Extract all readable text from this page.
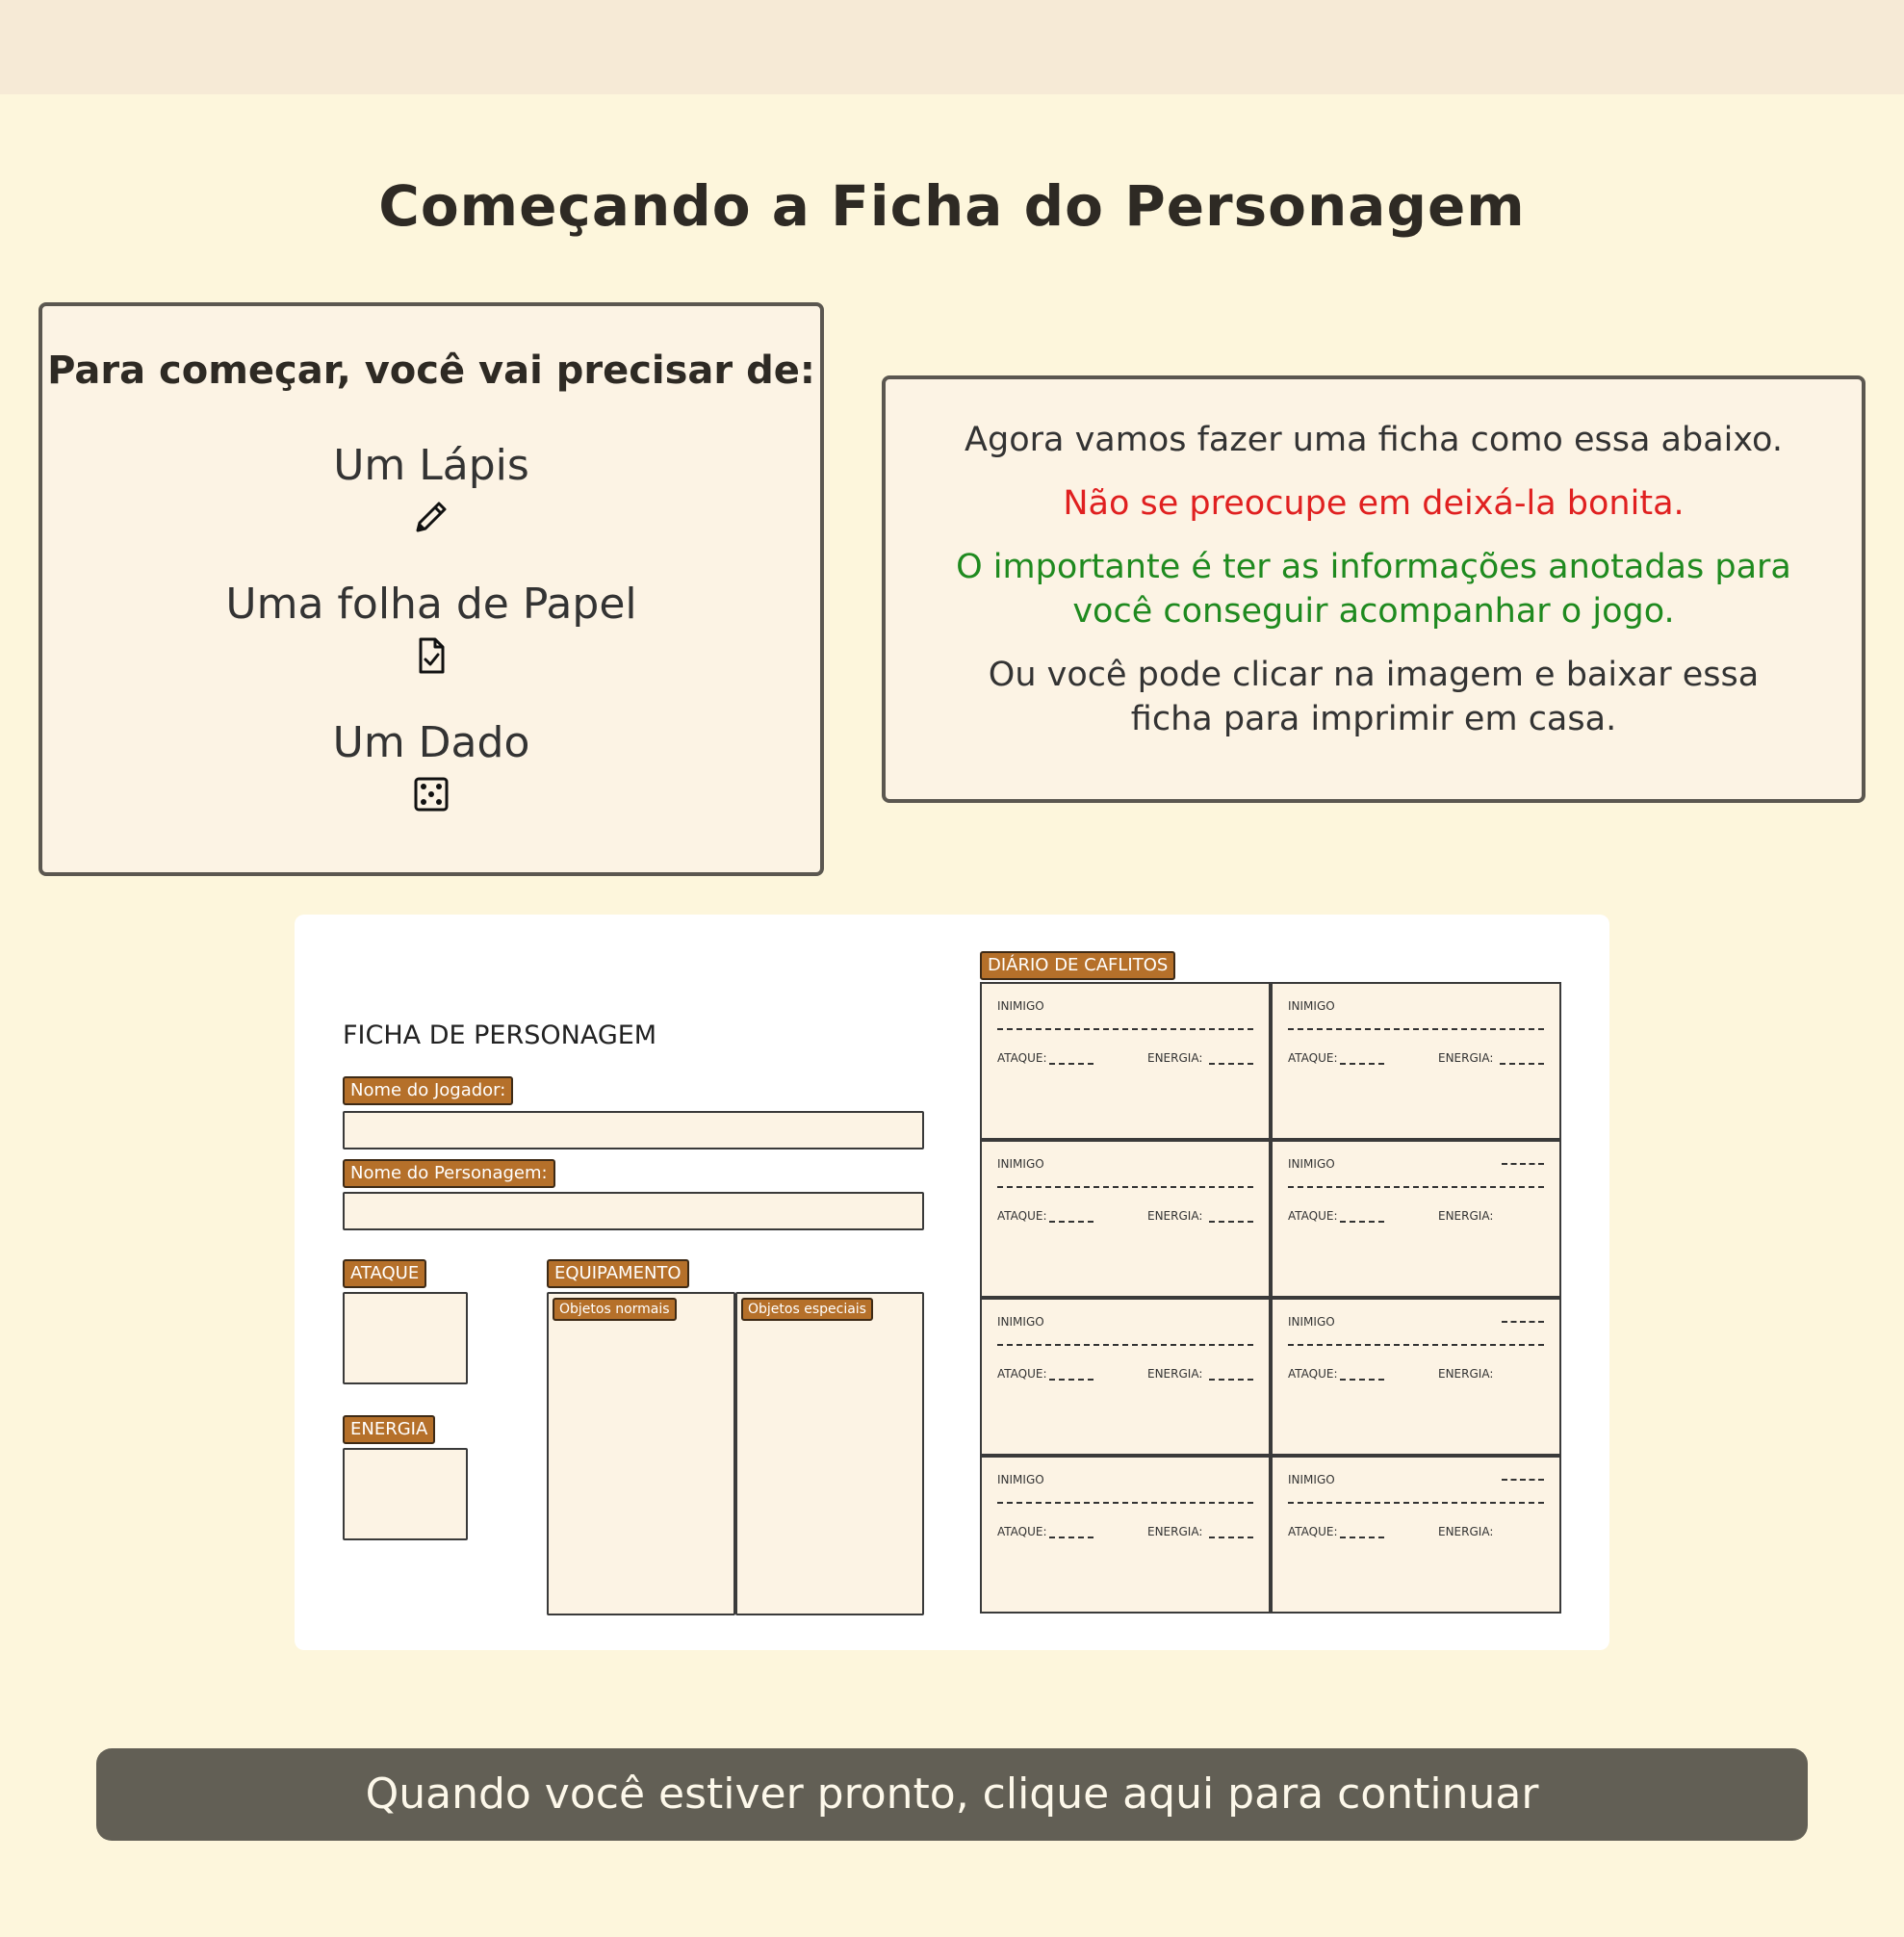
Começando a Ficha do Personagem
Para começar, você vai precisar de:
Um Lápis
Uma folha de Papel
Um Dado
Agora vamos fazer uma ficha como essa abaixo.
Não se preocupe em deixá-la bonita.
O importante é ter as informações anotadas para você conseguir acompanhar o jogo.
Ou você pode clicar na imagem e baixar essa ficha para imprimir em casa.
FICHA DE PERSONAGEM
Nome do Jogador:
Nome do Personagem:
ATAQUE
ENERGIA
EQUIPAMENTO
Objetos normais	Objetos especiais
DIÁRIO DE CAFLITOS
INIMIGO
ATAQUE:	ENERGIA:
INIMIGO
ATAQUE:	ENERGIA:
INIMIGO
ATAQUE:	ENERGIA:
INIMIGO
ATAQUE:	ENERGIA:
INIMIGO
ATAQUE:	ENERGIA:
INIMIGO
ATAQUE:	ENERGIA:
INIMIGO
ATAQUE:	ENERGIA:
INIMIGO
ATAQUE:	ENERGIA:
Quando você estiver pronto, clique aqui para continuar
